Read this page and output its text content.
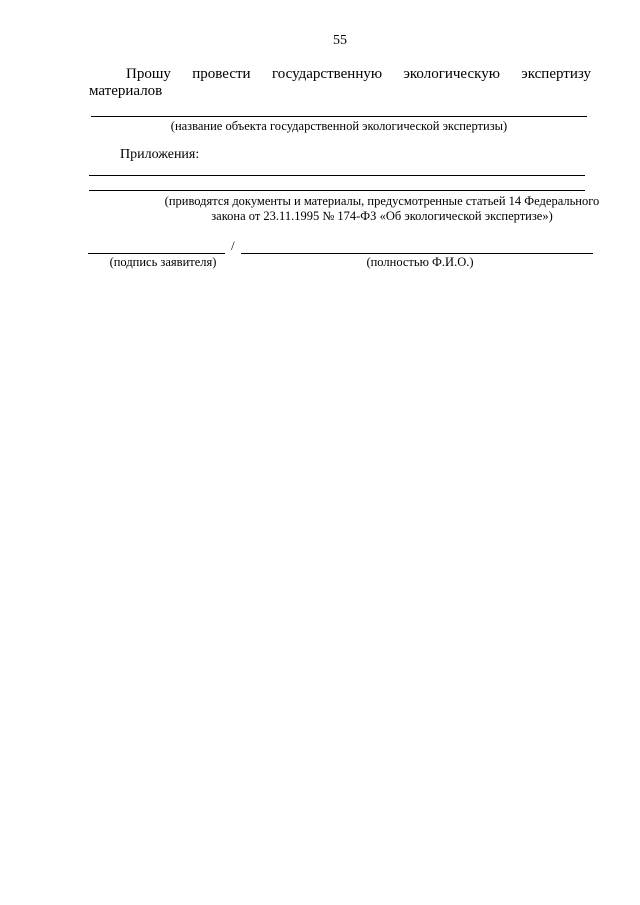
55
Прошу провести государственную экологическую экспертизу
материалов
(название объекта государственной экологической экспертизы)
Приложения:
(приводятся документы и материалы, предусмотренные статьей 14 Федерального
закона от 23.11.1995 № 174-ФЗ «Об экологической экспертизе»)
/
(подпись заявителя)	(полностью Ф.И.О.)
